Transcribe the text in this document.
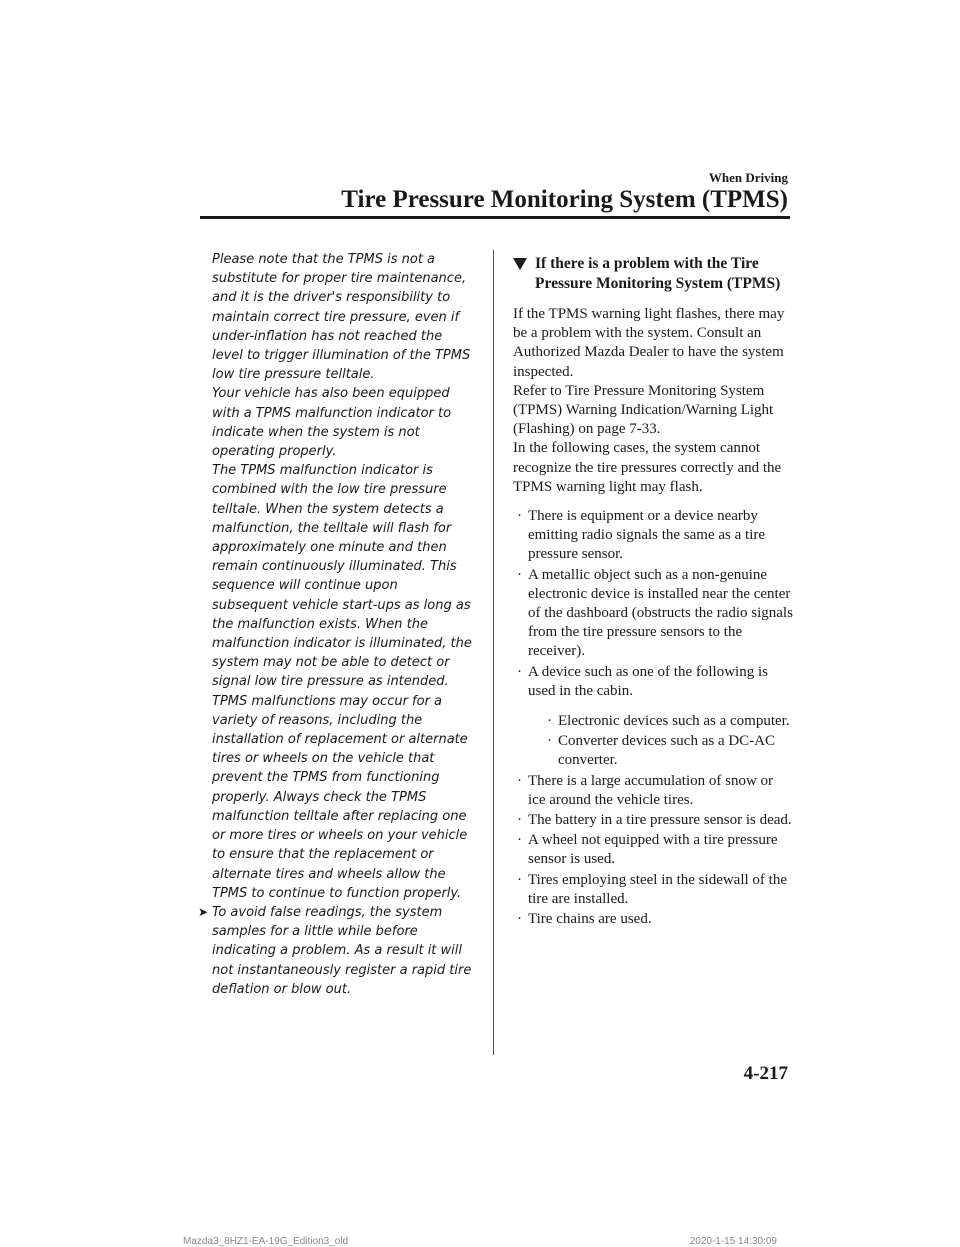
When Driving
Tire Pressure Monitoring System (TPMS)

Please note that the TPMS is not a substitute for proper tire maintenance, and it is the driver's responsibility to maintain correct tire pressure, even if under-inflation has not reached the level to trigger illumination of the TPMS low tire pressure telltale.

Your vehicle has also been equipped with a TPMS malfunction indicator to indicate when the system is not operating properly.

The TPMS malfunction indicator is combined with the low tire pressure telltale. When the system detects a malfunction, the telltale will flash for approximately one minute and then remain continuously illuminated. This sequence will continue upon subsequent vehicle start-ups as long as the malfunction exists. When the malfunction indicator is illuminated, the system may not be able to detect or signal low tire pressure as intended. TPMS malfunctions may occur for a variety of reasons, including the installation of replacement or alternate tires or wheels on the vehicle that prevent the TPMS from functioning properly. Always check the TPMS malfunction telltale after replacing one or more tires or wheels on your vehicle to ensure that the replacement or alternate tires and wheels allow the TPMS to continue to function properly.

➤ To avoid false readings, the system samples for a little while before indicating a problem. As a result it will not instantaneously register a rapid tire deflation or blow out.
If there is a problem with the Tire Pressure Monitoring System (TPMS)

If the TPMS warning light flashes, there may be a problem with the system. Consult an Authorized Mazda Dealer to have the system inspected.

Refer to Tire Pressure Monitoring System (TPMS) Warning Indication/Warning Light (Flashing) on page 7-33.

In the following cases, the system cannot recognize the tire pressures correctly and the TPMS warning light may flash.

· There is equipment or a device nearby emitting radio signals the same as a tire pressure sensor.
· A metallic object such as a non-genuine electronic device is installed near the center of the dashboard (obstructs the radio signals from the tire pressure sensors to the receiver).
· A device such as one of the following is used in the cabin.
· Electronic devices such as a computer.
· Converter devices such as a DC-AC converter.
· There is a large accumulation of snow or ice around the vehicle tires.
· The battery in a tire pressure sensor is dead.
· A wheel not equipped with a tire pressure sensor is used.
· Tires employing steel in the sidewall of the tire are installed.
· Tire chains are used.
4-217
Mazda3_8HZ1-EA-19G_Edition3_old	2020-1-15 14:30:09
